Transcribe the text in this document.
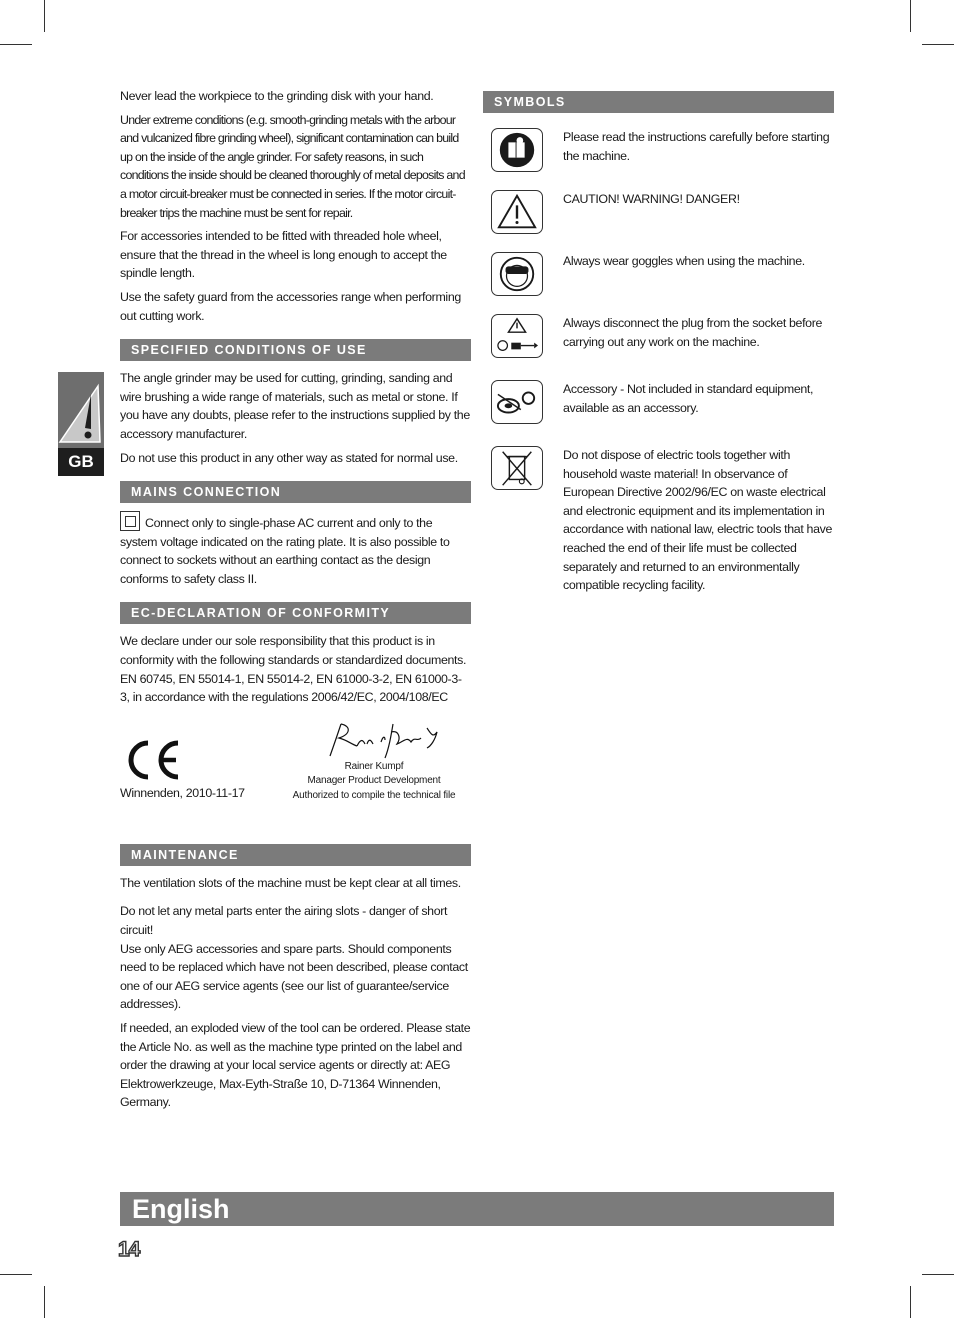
GB

Never lead the workpiece to the grinding disk with your hand.

Under extreme conditions (e.g. smooth-grinding metals with the arbour and vulcanized fibre grinding wheel), significant contamination can build up on the inside of the angle grinder. For safety reasons, in such conditions the inside should be cleaned thoroughly of metal deposits and a motor circuit-breaker must be connected in series. If the motor circuit-breaker trips the machine must be sent for repair.

For accessories intended to be fitted with threaded hole wheel, ensure that the thread in the wheel is long enough to accept the spindle length.

Use the safety guard from the accessories range when performing out cutting work.

SPECIFIED CONDITIONS OF USE

The angle grinder may be used for cutting, grinding, sanding and wire brushing a wide range of materials, such as metal or stone. If you have any doubts, please refer to the instructions supplied by the accessory manufacturer.

Do not use this product in any other way as stated for normal use.

MAINS CONNECTION

Connect only to single-phase AC current and only to the system voltage indicated on the rating plate. It is also possible to connect to sockets without an earthing contact as the design conforms to safety class II.

EC-DECLARATION OF CONFORMITY

We declare under our sole responsibility that this product is in conformity with the following standards or standardized documents. EN 60745, EN 55014-1, EN 55014-2, EN 61000-3-2, EN 61000-3-3, in accordance with the regulations 2006/42/EC, 2004/108/EC

Winnenden, 2010-11-17
Rainer Kumpf
Manager Product Development
Authorized to compile the technical file
MAINTENANCE

The ventilation slots of the machine must be kept clear at all times.

Do not let any metal parts enter the airing slots - danger of short circuit!

Use only AEG accessories and spare parts. Should components need to be replaced which have not been described, please contact one of our AEG service agents (see our list of guarantee/service addresses).

If needed, an exploded view of the tool can be ordered. Please state the Article No. as well as the machine type printed on the label and order the drawing at your local service agents or directly at: AEG Elektrowerkzeuge, Max-Eyth-Straße 10, D-71364 Winnenden, Germany.

SYMBOLS
Please read the instructions carefully before starting the machine.
CAUTION! WARNING! DANGER!
Always wear goggles when using the machine.
Always disconnect the plug from the socket before carrying out any work on the machine.
Accessory - Not included in standard equipment, available as an accessory.
Do not dispose of electric tools together with household waste material! In observance of European Directive 2002/96/EC on waste electrical and electronic equipment and its implementation in accordance with national law, electric tools that have reached the end of their life must be collected separately and returned to an environmentally compatible recycling facility.
English
14
